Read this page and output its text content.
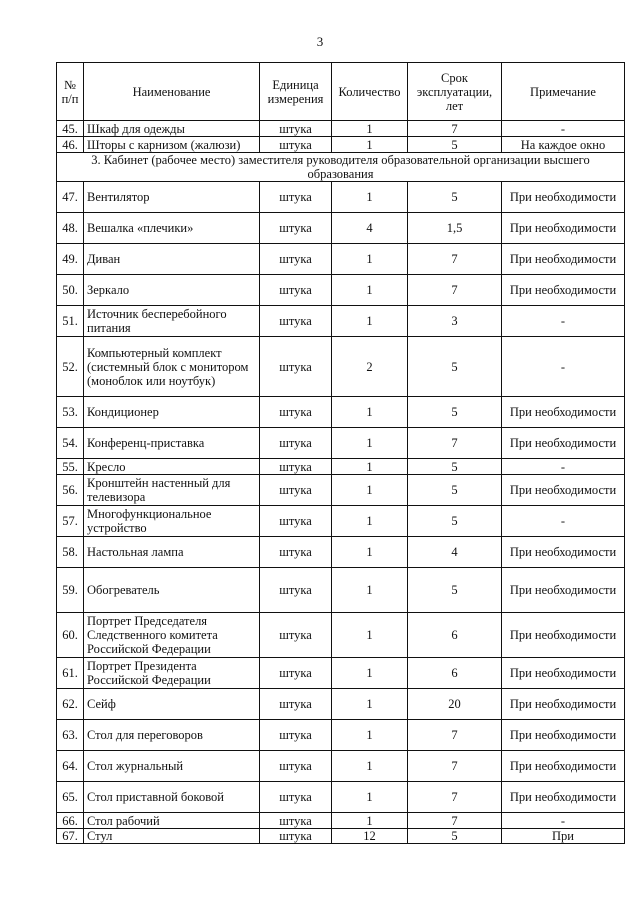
3
№ п/п	Наименование	Единица измерения	Количество	Срок эксплуатации, лет	Примечание
45.	Шкаф для одежды	штука	1	7	-
46.	Шторы с карнизом (жалюзи)	штука	1	5	На каждое окно
3. Кабинет (рабочее место) заместителя руководителя образовательной организации высшего образования					
47.	Вентилятор	штука	1	5	При необходимости
48.	Вешалка «плечики»	штука	4	1,5	При необходимости
49.	Диван	штука	1	7	При необходимости
50.	Зеркало	штука	1	7	При необходимости
51.	Источник бесперебойного питания	штука	1	3	-
52.	Компьютерный комплект (системный блок с монитором (моноблок или ноутбук)	штука	2	5	-
53.	Кондиционер	штука	1	5	При необходимости
54.	Конференц-приставка	штука	1	7	При необходимости
55.	Кресло	штука	1	5	-
56.	Кронштейн настенный для телевизора	штука	1	5	При необходимости
57.	Многофункциональное устройство	штука	1	5	-
58.	Настольная лампа	штука	1	4	При необходимости
59.	Обогреватель	штука	1	5	При необходимости
60.	Портрет Председателя Следственного комитета Российской Федерации	штука	1	6	При необходимости
61.	Портрет Президента Российской Федерации	штука	1	6	При необходимости
62.	Сейф	штука	1	20	При необходимости
63.	Стол для переговоров	штука	1	7	При необходимости
64.	Стол журнальный	штука	1	7	При необходимости
65.	Стол приставной боковой	штука	1	7	При необходимости
66.	Стол рабочий	штука	1	7	-
67.	Стул	штука	12	5	При
